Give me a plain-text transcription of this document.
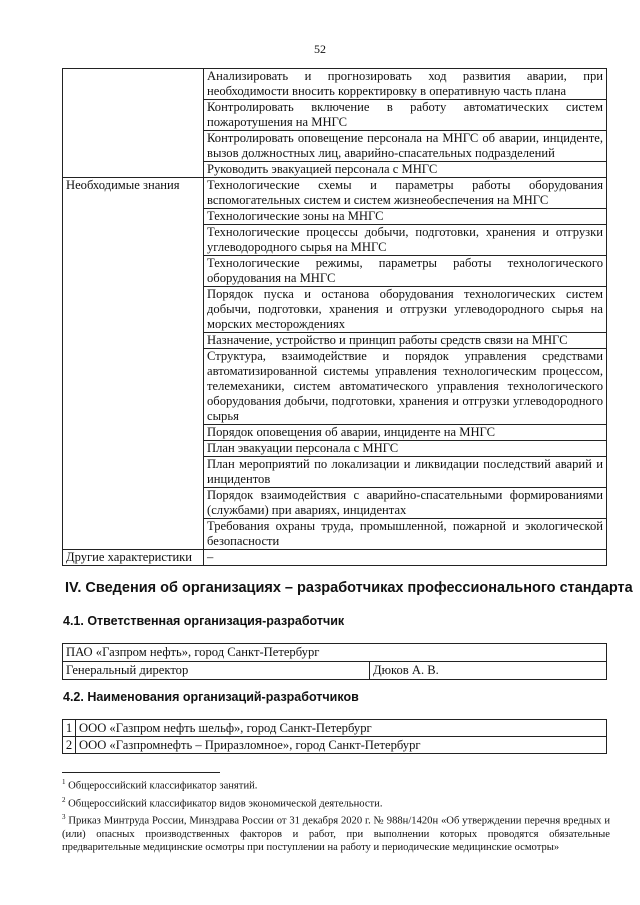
52
	Анализировать и прогнозировать ход развития аварии, при необходимости вносить корректировку в оперативную часть плана
	Контролировать включение в работу автоматических систем пожаротушения на МНГС
	Контролировать оповещение персонала на МНГС об аварии, инциденте, вызов должностных лиц, аварийно-спасательных подразделений
	Руководить эвакуацией персонала с МНГС
Необходимые знания	Технологические схемы и параметры работы оборудования вспомогательных систем и систем жизнеобеспечения на МНГС
	Технологические зоны на МНГС
	Технологические процессы добычи, подготовки, хранения и отгрузки углеводородного сырья на МНГС
	Технологические режимы, параметры работы технологического оборудования на МНГС
	Порядок пуска и останова оборудования технологических систем добычи, подготовки, хранения и отгрузки углеводородного сырья на морских месторождениях
	Назначение, устройство и принцип работы средств связи на МНГС
	Структура, взаимодействие и порядок управления средствами автоматизированной системы управления технологическим процессом, телемеханики, систем автоматического управления технологического оборудования добычи, подготовки, хранения и отгрузки углеводородного сырья
	Порядок оповещения об аварии, инциденте на МНГС
	План эвакуации персонала с МНГС
	План мероприятий по локализации и ликвидации последствий аварий и инцидентов
	Порядок взаимодействия с аварийно-спасательными формированиями (службами) при авариях, инцидентах
	Требования охраны труда, промышленной, пожарной и экологической безопасности
Другие характеристики	–
IV. Сведения об организациях – разработчиках профессионального стандарта
4.1. Ответственная организация-разработчик
ПАО «Газпром нефть», город Санкт-Петербург
Генеральный директор	Дюков А. В.
4.2. Наименования организаций-разработчиков
1	ООО «Газпром нефть шельф», город Санкт-Петербург
2	ООО «Газпромнефть – Приразломное», город Санкт-Петербург

$^1$ Общероссийский классификатор занятий.

$^2$ Общероссийский классификатор видов экономической деятельности.

$^3$ Приказ Минтруда России, Минздрава России от 31 декабря 2020 г. № 988н/1420н «Об утверждении перечня вредных и (или) опасных производственных факторов и работ, при выполнении которых проводятся обязательные предварительные медицинские осмотры при поступлении на работу и периодические медицинские осмотры»
